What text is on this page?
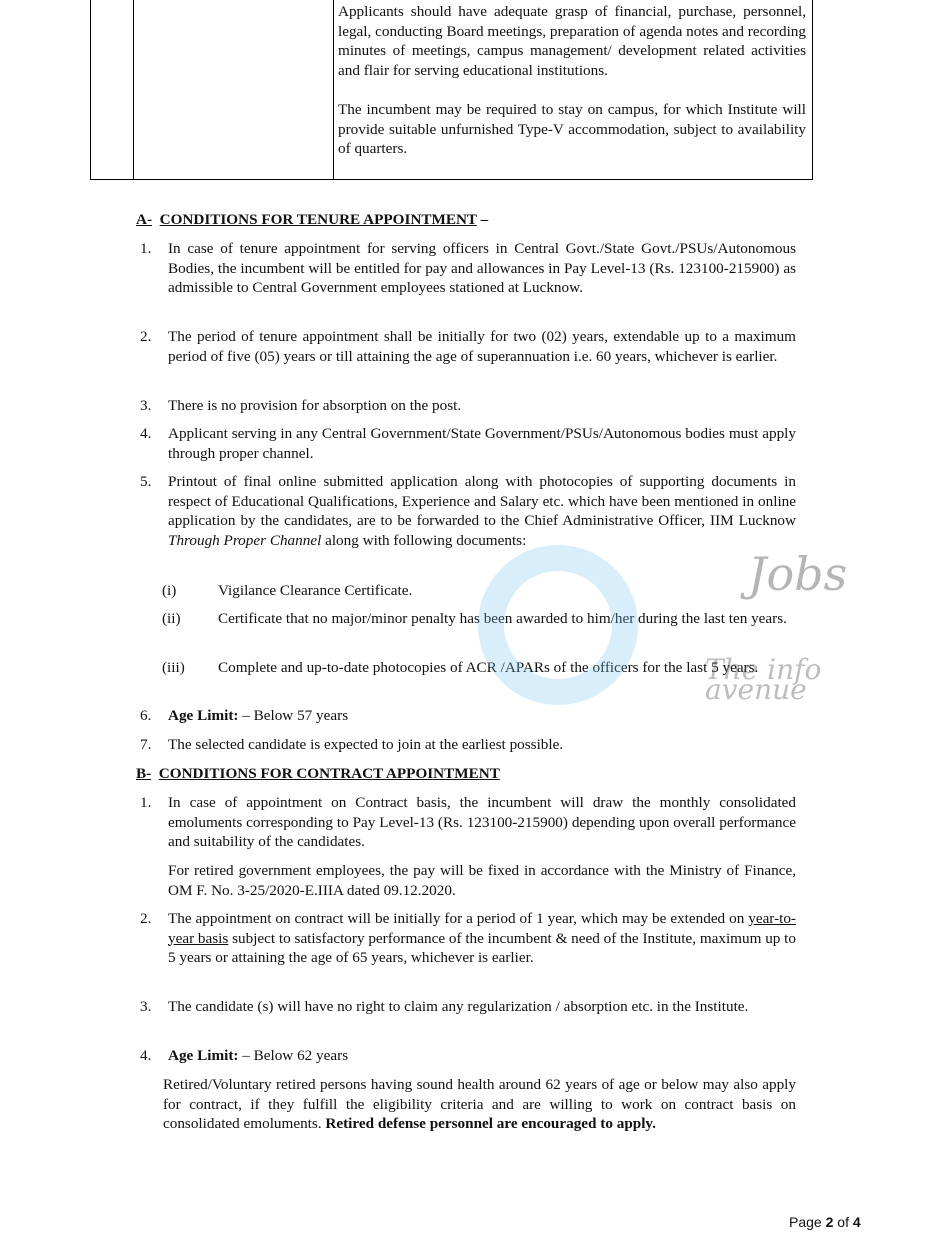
Applicants should have adequate grasp of financial, purchase, personnel, legal, conducting Board meetings, preparation of agenda notes and recording minutes of meetings, campus management/ development related activities and flair for serving educational institutions.

The incumbent may be required to stay on campus, for which Institute will provide suitable unfurnished Type-V accommodation, subject to availability of quarters.

A- CONDITIONS FOR TENURE APPOINTMENT –
1.	In case of tenure appointment for serving officers in Central Govt./State Govt./PSUs/Autonomous Bodies, the incumbent will be entitled for pay and allowances in Pay Level-13 (Rs. 123100-215900) as admissible to Central Government employees stationed at Lucknow.
2.	The period of tenure appointment shall be initially for two (02) years, extendable up to a maximum period of five (05) years or till attaining the age of superannuation i.e. 60 years, whichever is earlier.
3.	There is no provision for absorption on the post.
4.	Applicant serving in any Central Government/State Government/PSUs/Autonomous bodies must apply through proper channel.
5.	Printout of final online submitted application along with photocopies of supporting documents in respect of Educational Qualifications, Experience and Salary etc. which have been mentioned in online application by the candidates, are to be forwarded to the Chief Administrative Officer, IIM Lucknow Through Proper Channel along with following documents:
(i)	Vigilance Clearance Certificate.
(ii)	Certificate that no major/minor penalty has been awarded to him/her during the last ten years.
(iii)	Complete and up-to-date photocopies of ACR /APARs of the officers for the last 5 years.
6.	Age Limit: – Below 57 years
7.	The selected candidate is expected to join at the earliest possible.
B- CONDITIONS FOR CONTRACT APPOINTMENT
1.	In case of appointment on Contract basis, the incumbent will draw the monthly consolidated emoluments corresponding to Pay Level-13 (Rs. 123100-215900) depending upon overall performance and suitability of the candidates.
For retired government employees, the pay will be fixed in accordance with the Ministry of Finance, OM F. No. 3-25/2020-E.IIIA dated 09.12.2020.
2.	The appointment on contract will be initially for a period of 1 year, which may be extended on year-to-year basis subject to satisfactory performance of the incumbent & need of the Institute, maximum up to 5 years or attaining the age of 65 years, whichever is earlier.
3.	The candidate (s) will have no right to claim any regularization / absorption etc. in the Institute.
4.	Age Limit: – Below 62 years
Retired/Voluntary retired persons having sound health around 62 years of age or below may also apply for contract, if they fulfill the eligibility criteria and are willing to work on contract basis on consolidated emoluments. Retired defense personnel are encouraged to apply.
Jobs
The info avenue
Page 2 of 4
